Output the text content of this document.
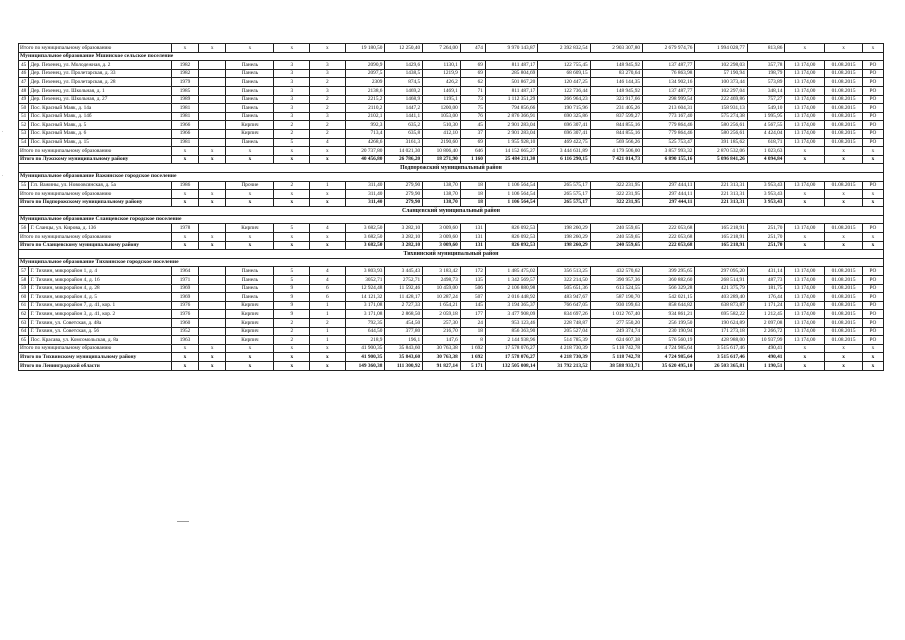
Итого по муниципальному образованию		х	х	х	х	х	19 180,50	12 250,40	7 264,00	474	9 970 143,87	2 392 832,54	2 903 307,80	2 679 974,76	1 994 028,77	813,86	х	х	х
Муниципальное образование Мшинское сельское поселение																			
45	Дер. Пехенец, ул. Молодежная, д. 2	1982		Панель	3	3	2090,9	1429,6	1130,1	69	811 487,17	122 755,45	148 945,92	137 487,77	102 298,03	357,78	13 174,00	01.08.2015	РО
46	Дер. Пехенец, ул. Пролетарская, д. 33	1982		Панель	3	3	2097,5	1438,5	1219,9	69	285 804,69	68 609,15	83 270,64	76 863,98	57 190,94	198,79	13 174,00	01.08.2015	РО
47	Дер. Пехенец, ул. Пролетарская, д. 28	1979		Панель	3	2	2309	874,5	426,2	62	501 867,20	120 447,25	146 144,35	134 902,16	100 373,44	573,89	13 174,00	01.08.2015	РО
48	Дер. Пехенец, ул. Школьная, д. 1	1985		Панель	3	3	2138,6	1469,2	1469,1	71	811 487,17	122 736,44	148 945,92	137 487,77	102 297,04	348,14	13 174,00	01.08.2015	РО
49	Дер. Пехенец, ул. Школьная, д. 27	1989		Панель	3	2	2215,2	1468,9	1195,1	73	1 112 351,29	266 964,23	323 917,66	298 999,54	222 469,86	757,27	13 174,00	01.08.2015	РО
50	Пос. Красный Маяк, д. 14а	1981		Панель	3	2	2110,2	1447,2	1200,00	75	794 856,66	190 715,96	231 405,26	213 604,31	158 931,13	549,10	13 174,00	01.08.2015	РО
51	Пос. Красный Маяк, д. 14б	1981		Панель	3	3	2102,1	1441,1	1053,00	76	2 876 366,91	690 325,86	837 599,27	773 167,40	575 274,38	1 995,95	13 174,00	01.08.2015	РО
52	Пос. Красный Маяк, д. 5	1966		Кирпич	2	2	992,3	635,2	510,30	45	2 901 283,04	696 307,41	844 855,16	779 864,46	580 256,61	4 567,55	13 174,00	01.08.2015	РО
53	Пос. Красный Маяк, д. 6	1966		Кирпич	2	2	713,4	635,8	412,10	37	2 901 283,04	696 307,41	844 855,16	779 864,46	580 256,61	4 424,04	13 174,00	01.08.2015	РО
54	Пос. Красный Маяк, д. 15	1981		Панель	5	4	4268,6	3161,3	2190,60	69	1 955 928,10	469 422,75	569 566,26	525 753,47	391 185,62	618,71	13 174,00	01.08.2015	РО
Итого по муниципальному образованию		х	х	х	х	х	20 737,80	14 021,30	10 806,40	646	14 152 665,27	3 444 631,89	4 179 506,00	3 857 993,32	2 870 532,06	1 023,63	х	х	х
Итого по Лужскому муниципальному району		х	х	х	х	х	40 456,80	26 786,20	18 271,90	1 160	25 484 211,30	6 116 290,15	7 421 014,73	6 890 155,16	5 096 841,26	4 094,84	х	х	х
Подпорожский муниципальный район																			
Муниципальное образование Важинское городское поселение																			
55	Г.п. Важины, ул. Новоовсянская, д. 5а	1986		Прочие	2	1	311,40	279,90	138,70	18	1 106 564,54	265 575,17	322 231,95	297 444,11	221 313,31	3 953,43	13 174,00	01.08.2015	РО
Итого по муниципальному образованию		х	х	х	х	х	311,40	279,90	138,70	18	1 106 564,54	265 575,17	322 231,95	297 444,11	221 313,31	3 953,43	х	х	х
Итого по Подпорожскому муниципальному району		х	х	х	х	х	311,40	279,90	138,70	18	1 106 564,54	265 575,17	322 231,95	297 444,11	221 313,31	3 953,43	х	х	х
Сланцевский муниципальный район																			
Муниципальное образование Сланцевское городское поселение																			
56	Г. Сланцы, ул. Кирова, д. 136	1978		Кирпич	5	4	3 682,50	3 282,10	3 009,60	131	826 092,53	198 260,29	240 559,65	222 053,68	165 218,91	251,70	13 174,00	01.08.2015	РО
Итого по муниципальному образованию		х	х	х	х	х	3 682,50	3 282,10	3 009,60	131	826 092,53	198 260,29	240 559,65	222 053,68	165 218,91	251,70	х	х	х
Итого по Сланцевскому муниципальному району		х	х	х	х	х	3 682,50	3 282,10	3 009,60	131	826 092,53	198 260,29	240 559,65	222 053,68	165 218,91	251,70	х	х	х
Тихвинский муниципальный район																			
Муниципальное образование Тихвинское городское поселение																			
57	Г. Тихвин, микрорайон 1, д. 4	1964		Панель	5	4	3 803,93	3 445,43	3 183,42	172	1 485 475,02	356 513,25	432 570,62	399 295,65	297 095,20	431,14	13 174,00	01.08.2015	РО
58	Г. Тихвин, микрорайон 4, д. 16	1971		Панель	5	4	3052,71	2752,71	2498,73	135	1 342 569,57	322 214,50	390 957,36	360 882,60	268 514,91	487,73	13 174,00	01.08.2015	РО
59	Г. Тихвин, микрорайон 4, д. 28	1969		Панель	9	6	12 924,48	11 592,46	10 459,00	506	2 106 880,98	505 651,36	613 524,55	566 329,28	421 375,79	181,75	13 174,00	01.08.2015	РО
60	Г. Тихвин, микрорайон 4, д. 5	1969		Панель	9	6	14 121,32	11 428,17	10 287,24	507	2 016 448,92	483 947,67	587 190,70	542 021,15	403 289,40	176,44	13 174,00	01.08.2015	РО
61	Г. Тихвин, микрорайон 7, д. 41, кор. 1	1976		Кирпич	9	1	3 171,08	2 727,33	1 654,21	145	3 194 365,37	766 647,05	930 199,63	858 644,82	638 873,87	1 171,24	13 174,00	01.08.2015	РО
62	Г. Тихвин, микрорайон 3, д. 41, кор. 2	1976		Кирпич	9	1	3 171,08	2 868,50	2 059,18	177	3 477 908,09	834 697,26	1 012 767,40	934 861,21	695 582,22	1 212,45	13 174,00	01.08.2015	РО
63	Г. Тихвин, ул. Советская, д. 48а	1960		Кирпич	2	2	792,35	454,50	257,30	24	953 123,46	228 748,87	277 550,20	256 199,50	190 624,89	2 097,08	13 174,00	01.08.2015	РО
64	Г. Тихвин, ул. Советская, д. 56	1952		Кирпич	2	1	644,50	377,80	216,70	18	856 363,90	205 527,04	249 374,74	230 190,94	171 273,18	2 266,72	13 174,00	01.08.2015	РО
65	Пос. Красава, ул. Комсомольская, д. 8а	1963		Кирпич	2	1	218,9	196,1	147,6	8	2 144 938,96	514 785,39	624 607,38	576 560,19	428 988,00	10 937,99	13 174,00	01.08.2015	РО
Итого по муниципальному образованию		х	х	х	х	х	41 900,35	35 843,60	30 763,38	1 692	17 578 076,27	4 218 730,39	5 118 742,78	4 724 985,64	3 515 617,46	490,41	х	х	х
Итого по Тихвинскому муниципальному району		х	х	х	х	х	41 900,35	35 843,60	30 763,38	1 692	17 578 076,27	4 218 730,39	5 118 742,78	4 724 985,64	3 515 617,46	490,41	х	х	х
Итого по Ленинградской области		х	х	х	х	х	149 360,38	111 300,92	91 827,14	5 171	132 505 008,14	31 792 213,52	38 588 933,71	35 620 495,10	26 503 365,81	1 190,51	х	х	х
.
.
